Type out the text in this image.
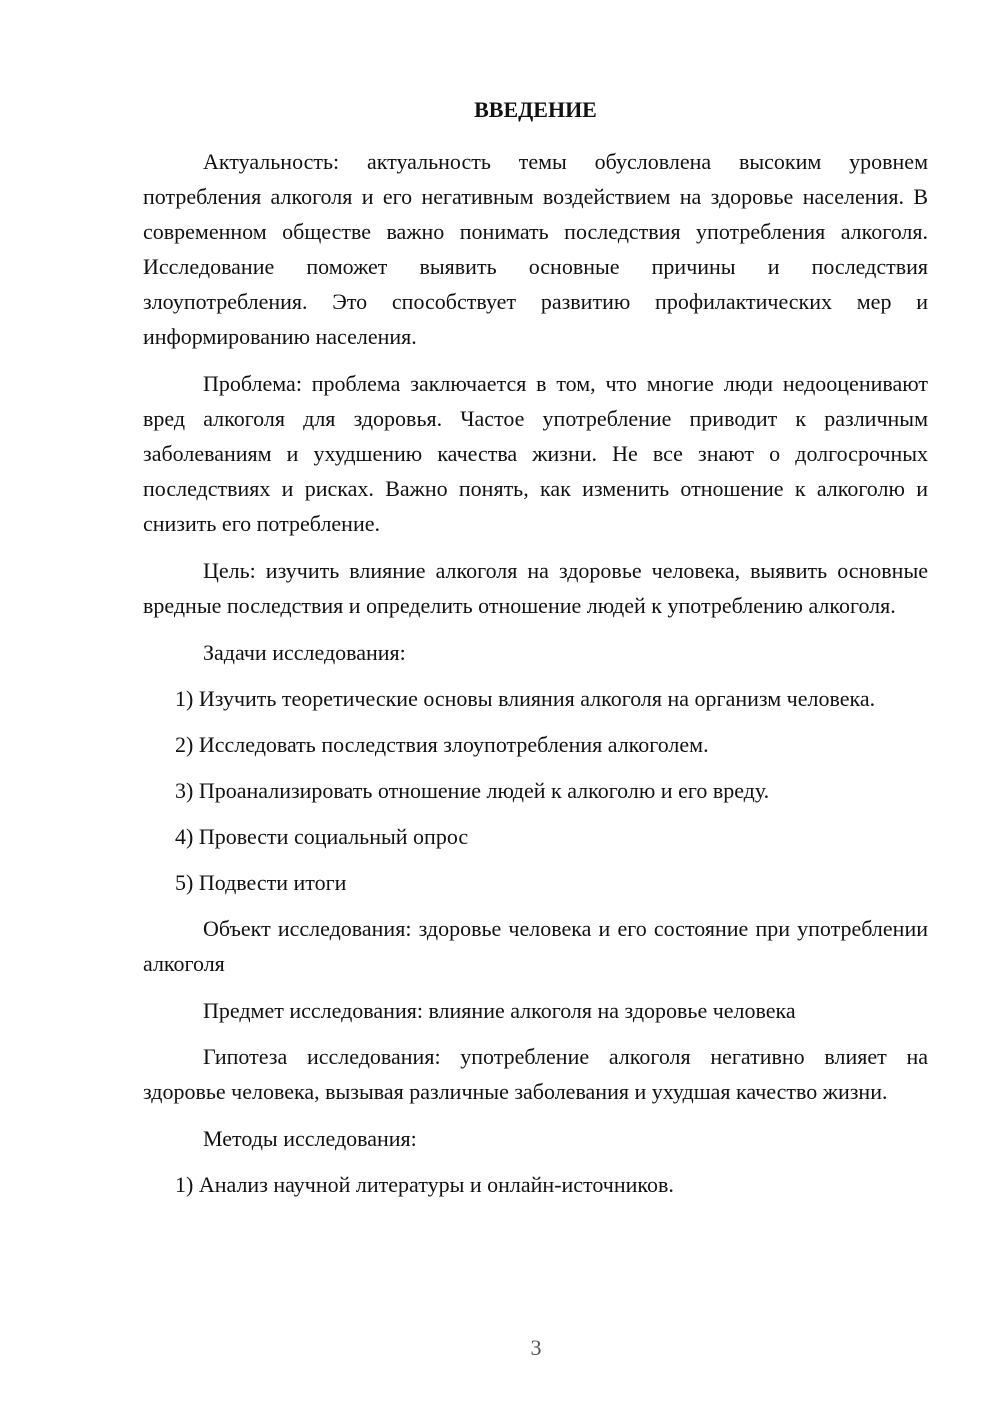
ВВЕДЕНИЕ

Актуальность: актуальность темы обусловлена высоким уровнем потребления алкоголя и его негативным воздействием на здоровье населения. В современном обществе важно понимать последствия употребления алкоголя. Исследование поможет выявить основные причины и последствия злоупотребления. Это способствует развитию профилактических мер и информированию населения.

Проблема: проблема заключается в том, что многие люди недооценивают вред алкоголя для здоровья. Частое употребление приводит к различным заболеваниям и ухудшению качества жизни. Не все знают о долгосрочных последствиях и рисках. Важно понять, как изменить отношение к алкоголю и снизить его потребление.

Цель: изучить влияние алкоголя на здоровье человека, выявить основные вредные последствия и определить отношение людей к употреблению алкоголя.

Задачи исследования:

1) Изучить теоретические основы влияния алкоголя на организм человека.

2) Исследовать последствия злоупотребления алкоголем.

3) Проанализировать отношение людей к алкоголю и его вреду.

4) Провести социальный опрос

5) Подвести итоги

Объект исследования: здоровье человека и его состояние при употреблении алкоголя

Предмет исследования: влияние алкоголя на здоровье человека

Гипотеза исследования: употребление алкоголя негативно влияет на здоровье человека, вызывая различные заболевания и ухудшая качество жизни.

Методы исследования:

1) Анализ научной литературы и онлайн-источников.

3
